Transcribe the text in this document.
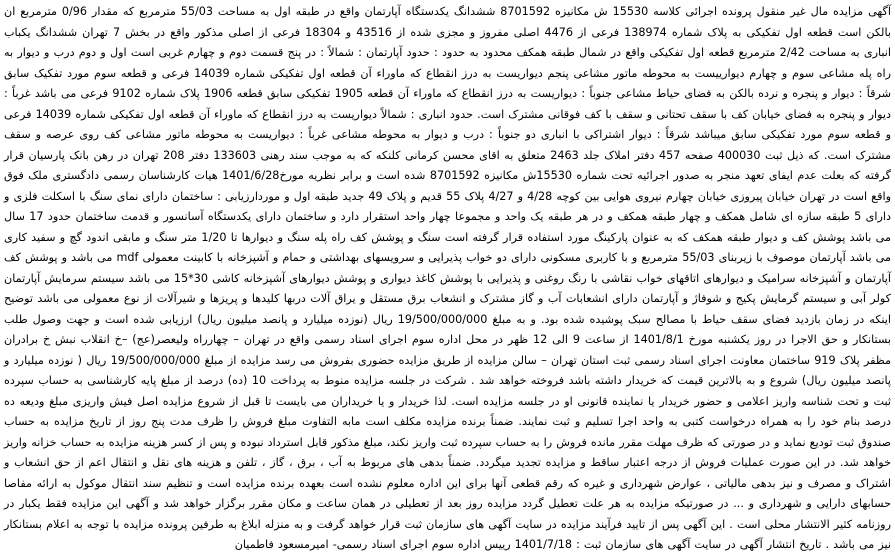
آگهی مزایده مال غیر منقول پرونده اجرائی کلاسه 15530 ش مکانیزه 8701592 ششدانگ یکدستگاه آپارتمان واقع در طبقه اول به مساحت 55/03 مترمربع که مقدار 0/96 مترمربع ان بالکن است قطعه اول تفکیکی به پلاک شماره 138974 فرعی از 4476 اصلی مفروز و مجزی شده از 43516 و 18304 فرعی از اصلی مذکور واقع در بخش 7 تهران ششدانگ یکباب انباری به مساحت 2/42 مترمربع قطعه اول تفکیکی واقع در شمال طبقه همکف محدود به حدود : حدود آپارتمان : شمالاً : در پنج قسمت دوم و چهارم غربی است اول و دوم درب و دیوار به راه پله مشاعی سوم و چهارم دیوارییست به محوطه ماتور مشاعی پنجم دیواریست به درز انقطاع که ماوراء آن قطعه اول تفکیکی شماره 14039 فرعی و قطعه سوم مورد تفکیک سابق شرقاً : دیوار و پنجره و نرده بالکن به فضای حیاط مشاعی جنوباً : دیواریست به درز انقطاع که ماوراء آن قطعه 1905 تفکیکی سابق قطعه 1906 پلاک شماره 9102 فرعی می باشد غرباً : دیوار و پنجره به فضای خیابان کف با سقف تحتانی و سقف با کف فوقانی مشترک است. حدود انباری : شمالاً دیواریست به درز انقطاع که ماوراء آن قطعه اول تفکیکی شماره 14039 فرعی و قطعه سوم مورد تفکیکی سابق میباشد شرقاً : دیوار اشتراکی با انباری دو جنوباً : درب و دیوار به محوطه مشاعی غرباً : دیواریست به محوطه ماتور مشاعی کف روی عرصه و سقف مشترک است. که ذیل ثبت 400030 صفحه 457 دفتر املاک جلد 2463 متعلق به اقای محسن کرمانی کلنکه که به موجب سند رهنی 133603 دفتر 208 تهران در رهن بانک پارسیان قرار گرفته که بعلت عدم ایفای تعهد منجر به صدور اجرائیه تحت شماره 15530ش مکانیزه 8701592 شده است و برابر نظریه مورخ1401/6/28 هیات کارشناسان رسمی دادگستری ملک فوق واقع است در تهران خیابان پیروزی خیابان چهارم نیروی هوایی بین کوچه 4/28 و 4/27 پلاک 55 قدیم و پلاک 49 جدید طبقه اول و موردارزیابی : ساختمان دارای نمای سنگ با اسکلت فلزی و دارای 5 طبقه سازه ای شامل همکف و چهار طبقه همکف و در هر طبقه یک واحد و مجموعا چهار واحد استقرار دارد و ساختمان دارای یکدستگاه آسانسور و قدمت ساختمان حدود 17 سال می باشد پوشش کف و دیوار طبقه همکف که به عنوان پارکینگ مورد استفاده قرار گرفته است سنگ و پوشش کف راه پله سنگ و دیوارها تا 1/20 متر سنگ و مابقی اندود گچ و سفید کاری می باشد آپارتمان موصوف با زیربنای 55/03 مترمربع و با کاربری مسکونی دارای دو خواب پذیرایی و سرویسهای بهداشتی و حمام و آشپزخانه با کابینت معمولی mdf می باشد و پوشش کف آپارتمان و آشپزخانه سرامیک و دیوارهای اتاقهای خواب نقاشی با رنگ روغنی و پذیرایی با پوشش کاغذ دیواری و پوشش دیوارهای آشپزخانه کاشی 30*15 می باشد سیستم سرمایش آپارتمان کولر آبی و سیستم گرمایش پکیج و شوفاژ و آپارتمان دارای انشعابات آب و گاز مشترک و انشعاب برق مستقل و یراق آلات دربها کلیدها و پریزها و شیرآلات از نوع معمولی می باشد توضیح اینکه در زمان بازدید فضای سقف حیاط با مصالح سبک پوشیده شده بود. و به مبلغ 19/500/000/000 ریال (نوزده میلیارد و پانصد میلیون ریال) ارزیابی شده است و جهت وصول طلب بستانکار و حق الاجرا در روز یکشنبه مورخ 1401/8/1 از ساعت 9 الی 12 ظهر در محل اداره سوم اجرای اسناد رسمی واقع در تهران – چهارراه ولیعصر(عج) –خ انقلاب نبش خ برادران مظفر پلاک 919 ساختمان معاونت اجرای اسناد رسمی ثبت استان تهران – سالن مزایده از طریق مزایده حضوری بفروش می رسد مزایده از مبلغ 19/500/000/000 ریال ( نوزده میلیارد و پانصد میلیون ریال) شروع و به بالاترین قیمت که خریدار داشته باشد فروخته خواهد شد . شرکت در جلسه مزایده منوط به پرداخت 10 (ده) درصد از مبلغ پایه کارشناسی به حساب سپرده ثبت و تحت شناسه واریز اعلامی و حضور خریدار یا نماینده قانونی او در جلسه مزایده است. لذا خریدار و یا خریداران می بایست تا قبل از شروع مزایده اصل فیش واریزی مبلغ ودیعه ده درصد بنام خود را به همراه درخواست کتبی به واحد اجرا تسلیم و ثبت نمایند. ضمناً برنده مزایده مکلف است مابه التفاوت مبلغ فروش را ظرف مدت پنج روز از تاریخ مزایده به حساب صندوق ثبت تودیع نماید و در صورتی که ظرف مهلت مقرر مانده فروش را به حساب سپرده ثبت واریز نکند، مبلغ مذکور قابل استرداد نبوده و پس از کسر هزینه مزایده به حساب خزانه واریز خواهد شد. در این صورت عملیات فروش از درجه اعتبار ساقط و مزایده تجدید میگردد. ضمناً بدهی های مربوط به آب ، برق ، گاز ، تلفن و هزینه های نقل و انتقال اعم از حق انشعاب و اشتراک و مصرف و نیز بدهی مالیاتی ، عوارض شهرداری و غیره که رقم قطعی آنها برای این اداره معلوم نشده است بعهده برنده مزایده است و تنظیم سند انتقال موکول به ارائه مفاصا حسابهای دارایی و شهرداری و ... در صورتیکه مزایده به هر علت تعطیل گردد مزایده روز بعد از تعطیلی در همان ساعت و مکان مقرر برگزار خواهد شد و آگهی این مزایده فقط یکبار در روزنامه کثیر الانتشار محلی است . این آگهی پس از تایید فرآیند مزایده در سایت آگهی های سازمان ثبت قرار خواهد گرفت و به منزله ابلاغ به طرفین پرونده مزایده با توجه به اعلام بستانکار نیز می باشد . تاریخ انتشار آگهی در سایت آگهی های سازمان ثبت : 1401/7/18 رییس اداره سوم اجرای اسناد رسمی- امیرمسعود فاطمیان
